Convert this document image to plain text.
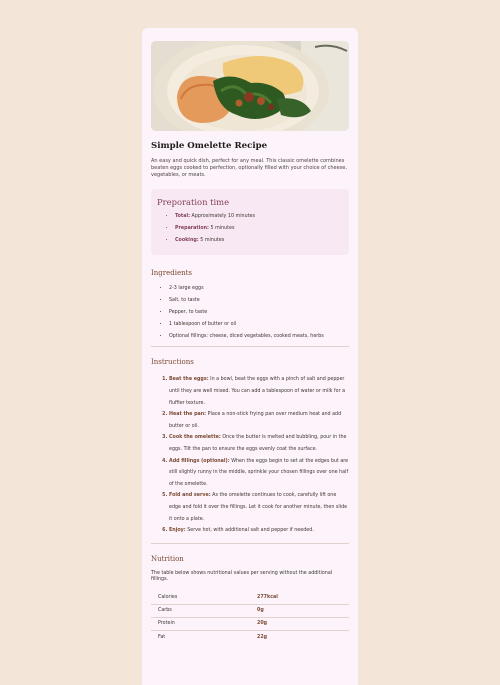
Simple Omelette Recipe

An easy and quick dish, perfect for any meal. This classic omelette combines beaten eggs cooked to perfection, optionally filled with your choice of cheese, vegetables, or meats.

Preporation time
• Total: Approximately 10 minutes
• Preparation: 5 minutes
• Cooking: 5 minutes
Ingredients
• 2-3 large eggs
• Salt, to taste
• Pepper, to taste
• 1 tablespoon of butter or oil
• Optional fillings: cheese, diced vegetables, cooked meats, herbs
Instructions
1. Beat the eggs: In a bowl, beat the eggs with a pinch of salt and pepper until they are well mixed. You can add a tablespoon of water or milk for a fluffier texture.
2. Heat the pan: Place a non-stick frying pan over medium heat and add butter or oil.
3. Cook the omelette: Once the butter is melted and bubbling, pour in the eggs. Tilt the pan to ensure the eggs evenly coat the surface.
4. Add fillings (optional): When the eggs begin to set at the edges but are still slightly runny in the middle, sprinkle your chosen fillings over one half of the omelette.
5. Fold and serve: As the omelette continues to cook, carefully lift one edge and fold it over the fillings. Let it cook for another minute, then slide it onto a plate.
6. Enjoy: Serve hot, with additional salt and pepper if needed.
Nutrition

The table below shows nutritional values per serving without the additional fillings.

Calories	277kcal
Carbs	0g
Protein	20g
Fat	22g
